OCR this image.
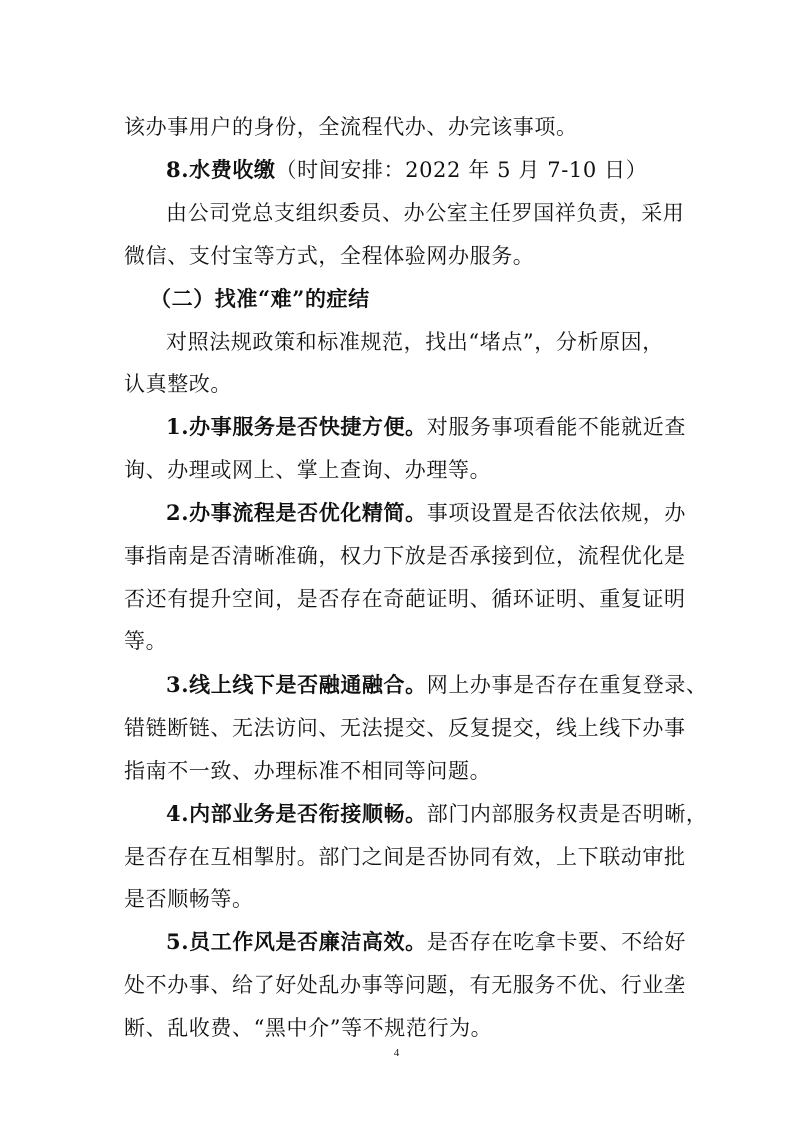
该办事用户的身份，全流程代办、办完该事项。
8.水费收缴（时间安排：2022 年 5 月 7-10 日）
由公司党总支组织委员、办公室主任罗国祥负责，采用
微信、支付宝等方式，全程体验网办服务。
（二）找准“难”的症结
对照法规政策和标准规范，找出“堵点”，分析原因，
认真整改。
1.办事服务是否快捷方便。对服务事项看能不能就近查
询、办理或网上、掌上查询、办理等。
2.办事流程是否优化精简。事项设置是否依法依规，办
事指南是否清晰准确，权力下放是否承接到位，流程优化是
否还有提升空间，是否存在奇葩证明、循环证明、重复证明
等。
3.线上线下是否融通融合。网上办事是否存在重复登录、
错链断链、无法访问、无法提交、反复提交，线上线下办事
指南不一致、办理标准不相同等问题。
4.内部业务是否衔接顺畅。部门内部服务权责是否明晰，
是否存在互相掣肘。部门之间是否协同有效，上下联动审批
是否顺畅等。
5.员工作风是否廉洁高效。是否存在吃拿卡要、不给好
处不办事、给了好处乱办事等问题，有无服务不优、行业垄
断、乱收费、“黑中介”等不规范行为。
4
